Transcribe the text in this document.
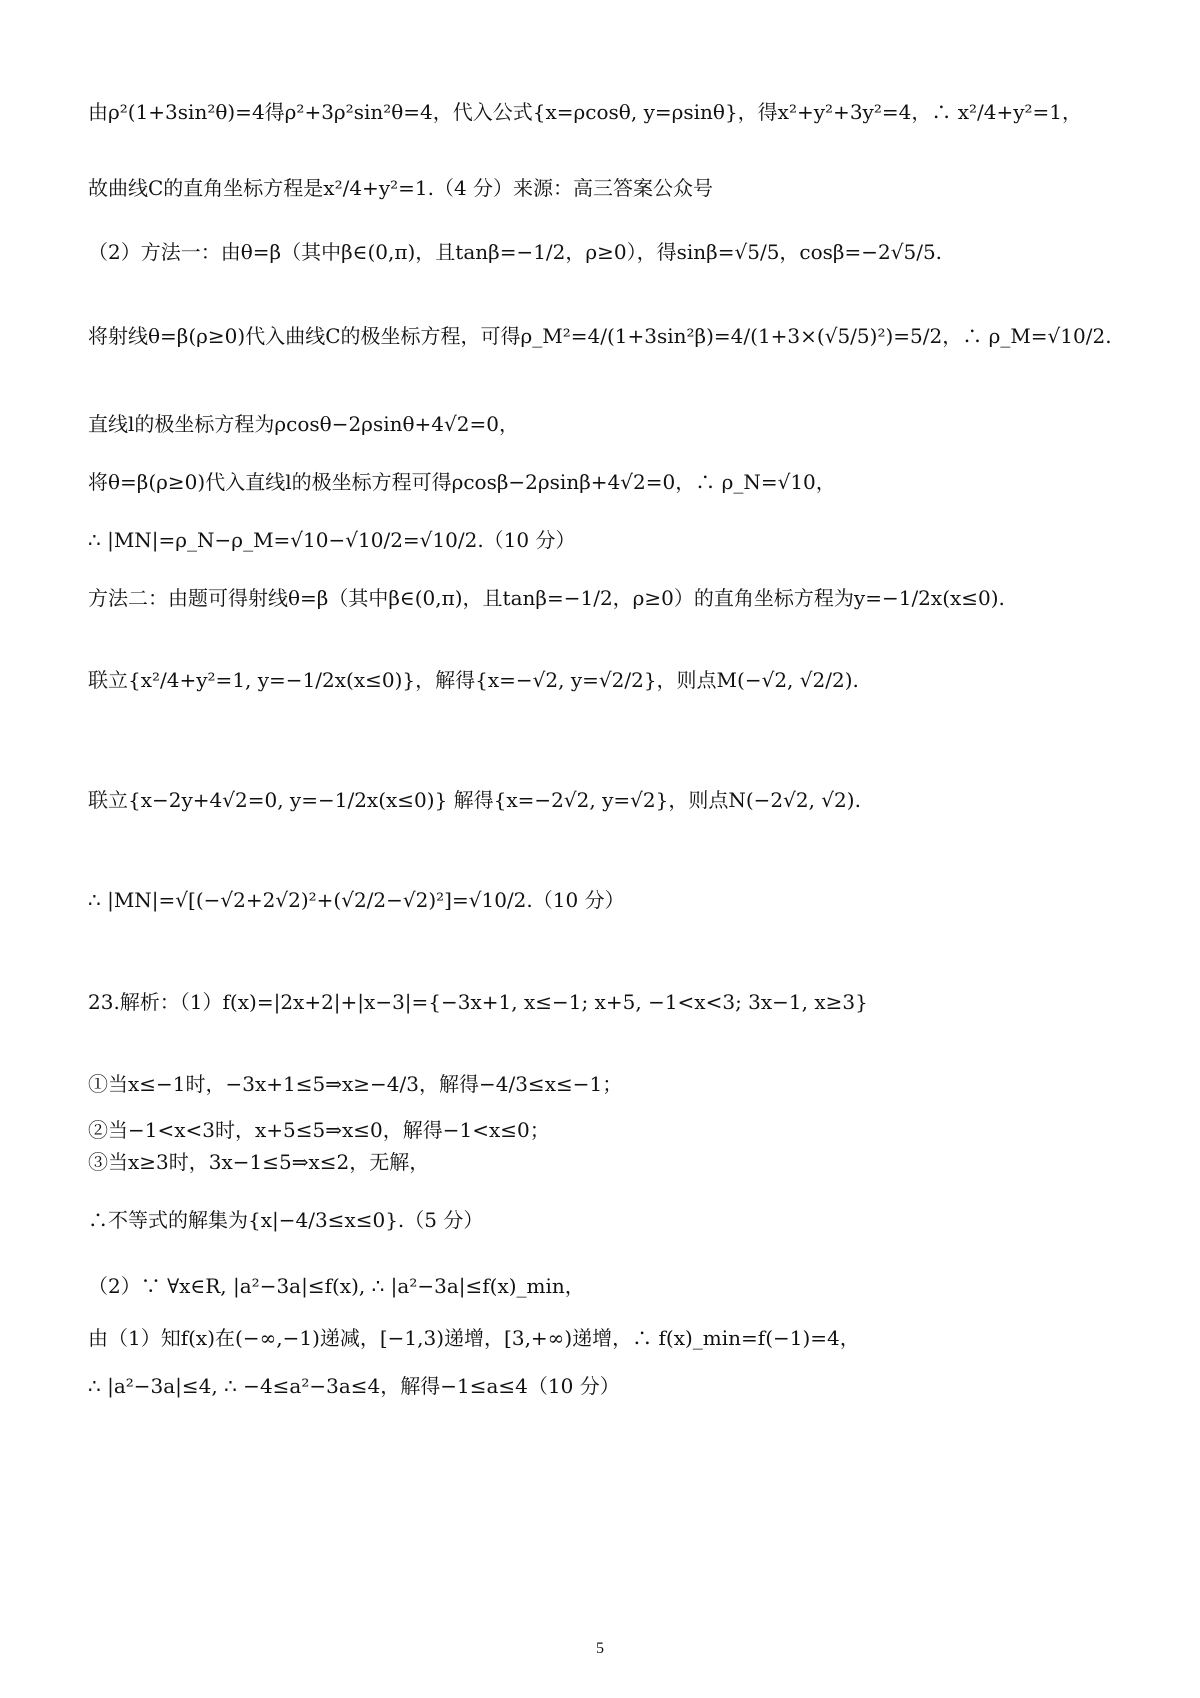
由ρ²(1+3sin²θ)=4得ρ²+3ρ²sin²θ=4，代入公式{x=ρcosθ, y=ρsinθ}，得x²+y²+3y²=4，∴ x²/4+y²=1，
故曲线C的直角坐标方程是x²/4+y²=1.（4 分）来源：高三答案公众号
（2）方法一：由θ=β（其中β∈(0,π)，且tanβ=−1/2，ρ≥0），得sinβ=√5/5，cosβ=−2√5/5.
将射线θ=β(ρ≥0)代入曲线C的极坐标方程，可得ρ_M²=4/(1+3sin²β)=4/(1+3×(√5/5)²)=5/2，∴ ρ_M=√10/2.
直线l的极坐标方程为ρcosθ−2ρsinθ+4√2=0，
将θ=β(ρ≥0)代入直线l的极坐标方程可得ρcosβ−2ρsinβ+4√2=0，∴ ρ_N=√10，
∴ |MN|=ρ_N−ρ_M=√10−√10/2=√10/2.（10 分）
方法二：由题可得射线θ=β（其中β∈(0,π)，且tanβ=−1/2，ρ≥0）的直角坐标方程为y=−1/2x(x≤0).
联立{x²/4+y²=1, y=−1/2x(x≤0)}，解得{x=−√2, y=√2/2}，则点M(−√2, √2/2).
联立{x−2y+4√2=0, y=−1/2x(x≤0)} 解得{x=−2√2, y=√2}，则点N(−2√2, √2).
∴ |MN|=√[(−√2+2√2)²+(√2/2−√2)²]=√10/2.（10 分）
23.解析：（1）f(x)=|2x+2|+|x−3|={−3x+1, x≤−1; x+5, −1<x<3; 3x−1, x≥3}
①当x≤−1时，−3x+1≤5⇒x≥−4/3，解得−4/3≤x≤−1；
②当−1<x<3时，x+5≤5⇒x≤0，解得−1<x≤0；
③当x≥3时，3x−1≤5⇒x≤2，无解，
∴不等式的解集为{x|−4/3≤x≤0}.（5 分）
（2）∵ ∀x∈R, |a²−3a|≤f(x), ∴ |a²−3a|≤f(x)_min，
由（1）知f(x)在(−∞,−1)递减，[−1,3)递增，[3,+∞)递增，∴ f(x)_min=f(−1)=4，
∴ |a²−3a|≤4, ∴ −4≤a²−3a≤4，解得−1≤a≤4（10 分）
5
